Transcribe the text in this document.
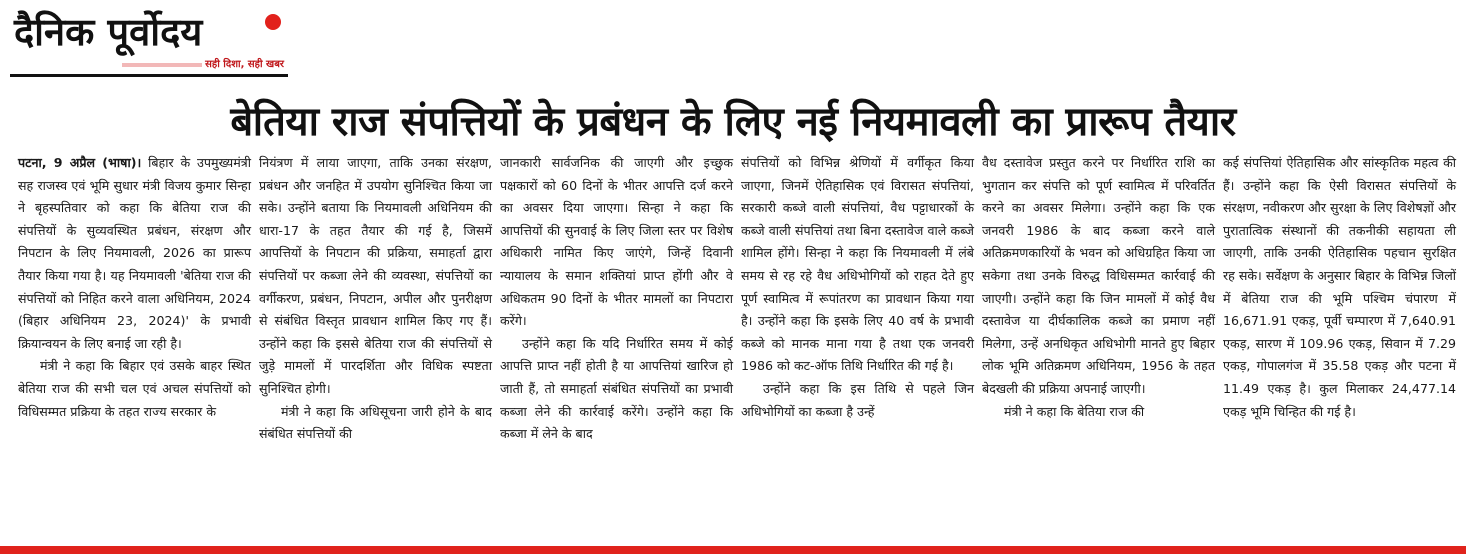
दैनिक पूर्वोदय
सही दिशा, सही खबर
बेतिया राज संपत्तियों के प्रबंधन के लिए नई नियमावली का प्रारूप तैयार

पटना, 9 अप्रैल (भाषा)। बिहार के उपमुख्यमंत्री सह राजस्व एवं भूमि सुधार मंत्री विजय कुमार सिन्हा ने बृहस्पतिवार को कहा कि बेतिया राज की संपत्तियों के सुव्यवस्थित प्रबंधन, संरक्षण और निपटान के लिए नियमावली, 2026 का प्रारूप तैयार किया गया है। यह नियमावली 'बेतिया राज की संपत्तियों को निहित करने वाला अधिनियम, 2024 (बिहार अधिनियम 23, 2024)' के प्रभावी क्रियान्वयन के लिए बनाई जा रही है।

मंत्री ने कहा कि बिहार एवं उसके बाहर स्थित बेतिया राज की सभी चल एवं अचल संपत्तियों को विधिसम्मत प्रक्रिया के तहत राज्य सरकार के

नियंत्रण में लाया जाएगा, ताकि उनका संरक्षण, प्रबंधन और जनहित में उपयोग सुनिश्चित किया जा सके। उन्होंने बताया कि नियमावली अधिनियम की धारा-17 के तहत तैयार की गई है, जिसमें आपत्तियों के निपटान की प्रक्रिया, समाहर्ता द्वारा संपत्तियों पर कब्जा लेने की व्यवस्था, संपत्तियों का वर्गीकरण, प्रबंधन, निपटान, अपील और पुनरीक्षण से संबंधित विस्तृत प्रावधान शामिल किए गए हैं। उन्होंने कहा कि इससे बेतिया राज की संपत्तियों से जुड़े मामलों में पारदर्शिता और विधिक स्पष्टता सुनिश्चित होगी।

मंत्री ने कहा कि अधिसूचना जारी होने के बाद संबंधित संपत्तियों की

जानकारी सार्वजनिक की जाएगी और इच्छुक पक्षकारों को 60 दिनों के भीतर आपत्ति दर्ज करने का अवसर दिया जाएगा। सिन्हा ने कहा कि आपत्तियों की सुनवाई के लिए जिला स्तर पर विशेष अधिकारी नामित किए जाएंगे, जिन्हें दिवानी न्यायालय के समान शक्तियां प्राप्त होंगी और वे अधिकतम 90 दिनों के भीतर मामलों का निपटारा करेंगे।

उन्होंने कहा कि यदि निर्धारित समय में कोई आपत्ति प्राप्त नहीं होती है या आपत्तियां खारिज हो जाती हैं, तो समाहर्ता संबंधित संपत्तियों का प्रभावी कब्जा लेने की कार्रवाई करेंगे। उन्होंने कहा कि कब्जा में लेने के बाद

संपत्तियों को विभिन्न श्रेणियों में वर्गीकृत किया जाएगा, जिनमें ऐतिहासिक एवं विरासत संपत्तियां, सरकारी कब्जे वाली संपत्तियां, वैध पट्टाधारकों के कब्जे वाली संपत्तियां तथा बिना दस्तावेज वाले कब्जे शामिल होंगे। सिन्हा ने कहा कि नियमावली में लंबे समय से रह रहे वैध अधिभोगियों को राहत देते हुए पूर्ण स्वामित्व में रूपांतरण का प्रावधान किया गया है। उन्होंने कहा कि इसके लिए 40 वर्ष के प्रभावी कब्जे को मानक माना गया है तथा एक जनवरी 1986 को कट-ऑफ तिथि निर्धारित की गई है।

उन्होंने कहा कि इस तिथि से पहले जिन अधिभोगियों का कब्जा है उन्हें

वैध दस्तावेज प्रस्तुत करने पर निर्धारित राशि का भुगतान कर संपत्ति को पूर्ण स्वामित्व में परिवर्तित करने का अवसर मिलेगा। उन्होंने कहा कि एक जनवरी 1986 के बाद कब्जा करने वाले अतिक्रमणकारियों के भवन को अधिग्रहित किया जा सकेगा तथा उनके विरुद्ध विधिसम्मत कार्रवाई की जाएगी। उन्होंने कहा कि जिन मामलों में कोई वैध दस्तावेज या दीर्घकालिक कब्जे का प्रमाण नहीं मिलेगा, उन्हें अनधिकृत अधिभोगी मानते हुए बिहार लोक भूमि अतिक्रमण अधिनियम, 1956 के तहत बेदखली की प्रक्रिया अपनाई जाएगी।

मंत्री ने कहा कि बेतिया राज की

कई संपत्तियां ऐतिहासिक और सांस्कृतिक महत्व की हैं। उन्होंने कहा कि ऐसी विरासत संपत्तियों के संरक्षण, नवीकरण और सुरक्षा के लिए विशेषज्ञों और पुरातात्विक संस्थानों की तकनीकी सहायता ली जाएगी, ताकि उनकी ऐतिहासिक पहचान सुरक्षित रह सके। सर्वेक्षण के अनुसार बिहार के विभिन्न जिलों में बेतिया राज की भूमि पश्चिम चंपारण में 16,671.91 एकड़, पूर्वी चम्पारण में 7,640.91 एकड़, सारण में 109.96 एकड़, सिवान में 7.29 एकड़, गोपालगंज में 35.58 एकड़ और पटना में 11.49 एकड़ है। कुल मिलाकर 24,477.14 एकड़ भूमि चिन्हित की गई है।
